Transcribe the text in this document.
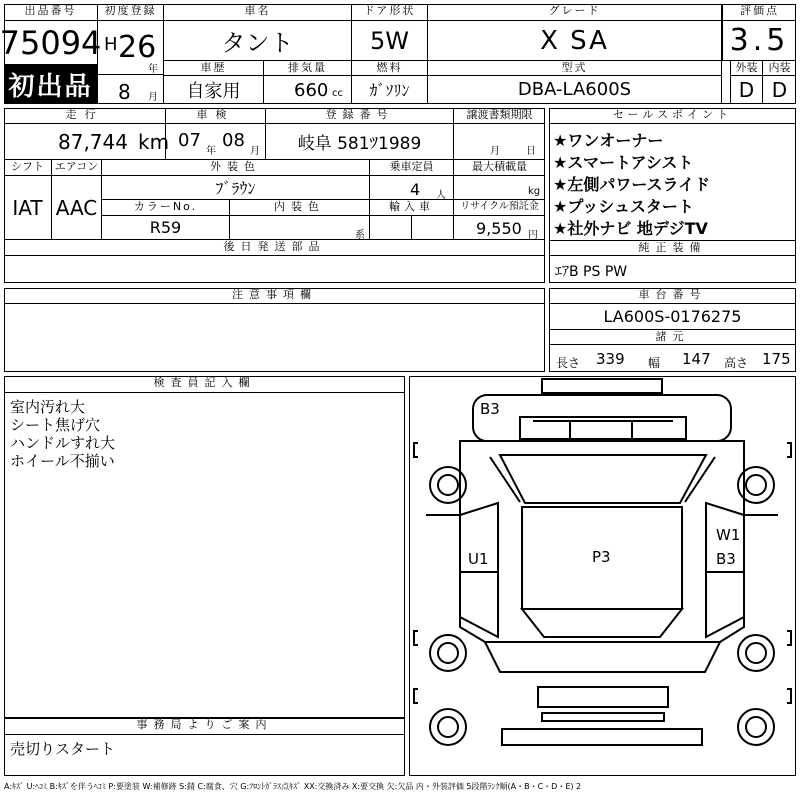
出品番号
75094
初出品
初度登録
H 26
年
8 月
車名
タント
ドア形状
5W
グレード
X SA
評価点
3.5
車歴
自家用
排気量
660 cc
燃料
ｶﾞｿﾘﾝ
型式
DBA-LA600S
外装	内装
D D
走行
87,744 km
車検
07
年
08
月
登録番号
岐阜 581ﾂ1989
譲渡書類期限
月	日
シフト エアコン
IAT AAC
外装色
ﾌﾞﾗｳﾝ
乗車定員
4 人
最大積載量
kg
カラーNo.
R59
内装色
系
輸入車	リサイクル預託金
9,550 円
後日発送部品
セールスポイント
★ワンオーナー
★スマートアシスト
★左側パワースライド
★プッシュスタート
★社外ナビ 地デジTV
純正装備
ｴｱB PS PW
注意事項欄	車台番号
LA600S-0176275
諸元
長さ 339 幅 147 高さ 175
検査員記入欄
室内汚れ大
シート焦げ穴
ハンドルすれ大
ホイール不揃い
事務局よりご案内
売切りスタート
B3
U1	P3
W1
B3
A:ｷｽﾞ U:ﾍｺﾐ B:ｷｽﾞを伴うﾍｺﾐ P:要塗装 W:補修跡 S:錆 C:腐食、穴 G:ﾌﾛﾝﾄｶﾞﾗｽ点ｷｽﾞ XX:交換済み X:要交換 欠:欠品 内・外装評価 5段階ﾗﾝｸ順(A・B・C・D・E) 2
